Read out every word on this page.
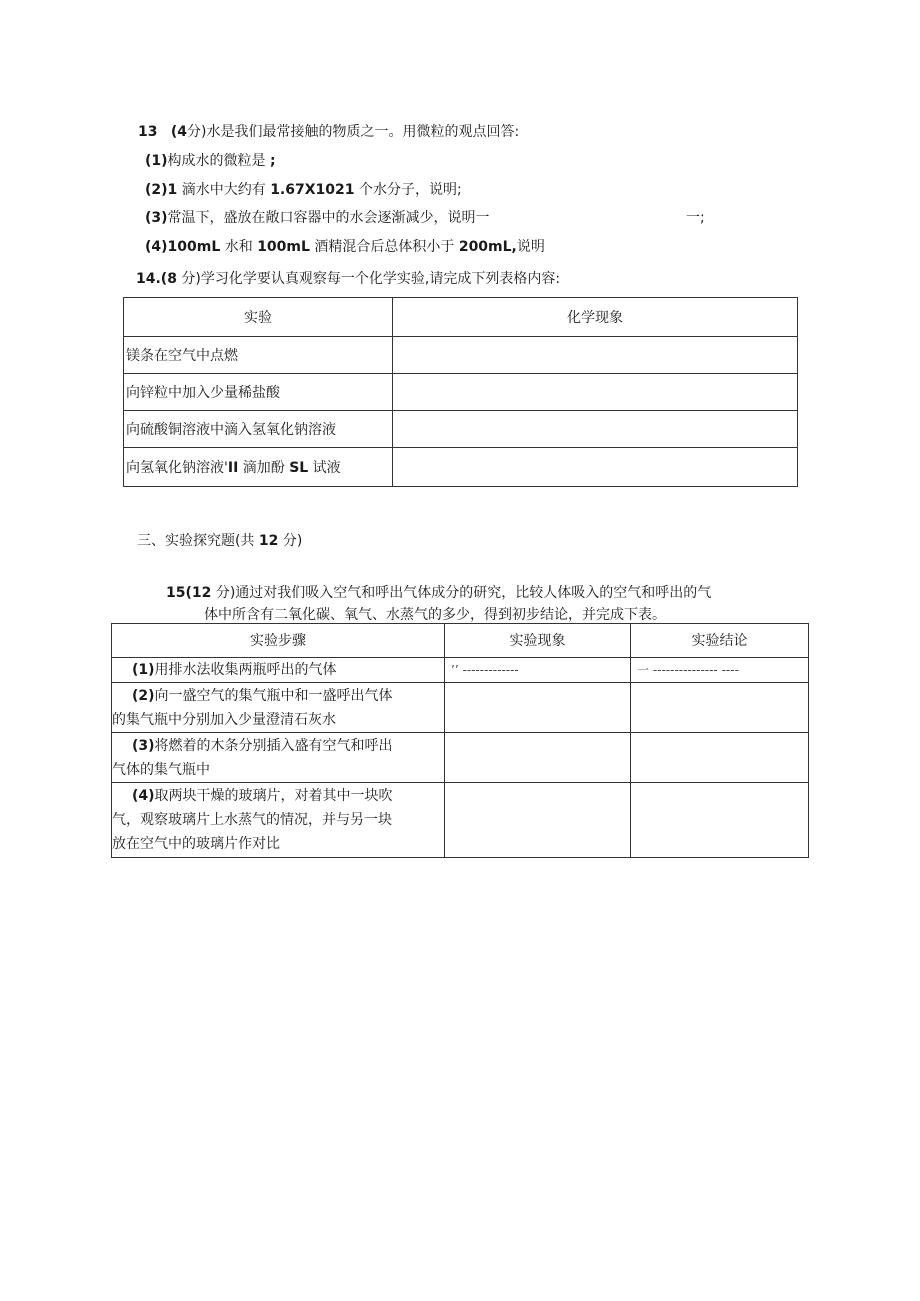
13 (4分)水是我们最常接触的物质之一。用微粒的观点回答:
(1)构成水的微粒是 ;
(2)1 滴水中大约有 1.67X1021 个水分子，说明;
(3)常温下，盛放在敞口容器中的水会逐渐减少，说明一	一;
(4)100mL 水和 100mL 酒精混合后总体积小于 200mL,说明
14.(8 分)学习化学要认真观察每一个化学实验,请完成下列表格内容:
实验	化学现象
镁条在空气中点燃	
向锌粒中加入少量稀盐酸	
向硫酸铜溶液中滴入氢氧化钠溶液	
向氢氧化钠溶液'II 滴加酚 SL 试液	
三、实验探究题(共 12 分)
15(12 分)通过对我们吸入空气和呼出气体成分的研究，比较人体吸入的空气和呼出的气
体中所含有二氧化碳、氧气、水蒸气的多少，得到初步结论，并完成下表。
实验步骤	实验现象	实验结论
(1)用排水法收集两瓶呼出的气体	’’ -------------	一 --------------- ----

(2)向一盛空气的集气瓶中和一盛呼出气体
的集气瓶中分别加入少量澄清石灰水		

(3)将燃着的木条分别插入盛有空气和呼出
气体的集气瓶中		

(4)取两块干燥的玻璃片，对着其中一块吹
气，观察玻璃片上水蒸气的情况，并与另一块
放在空气中的玻璃片作对比		
